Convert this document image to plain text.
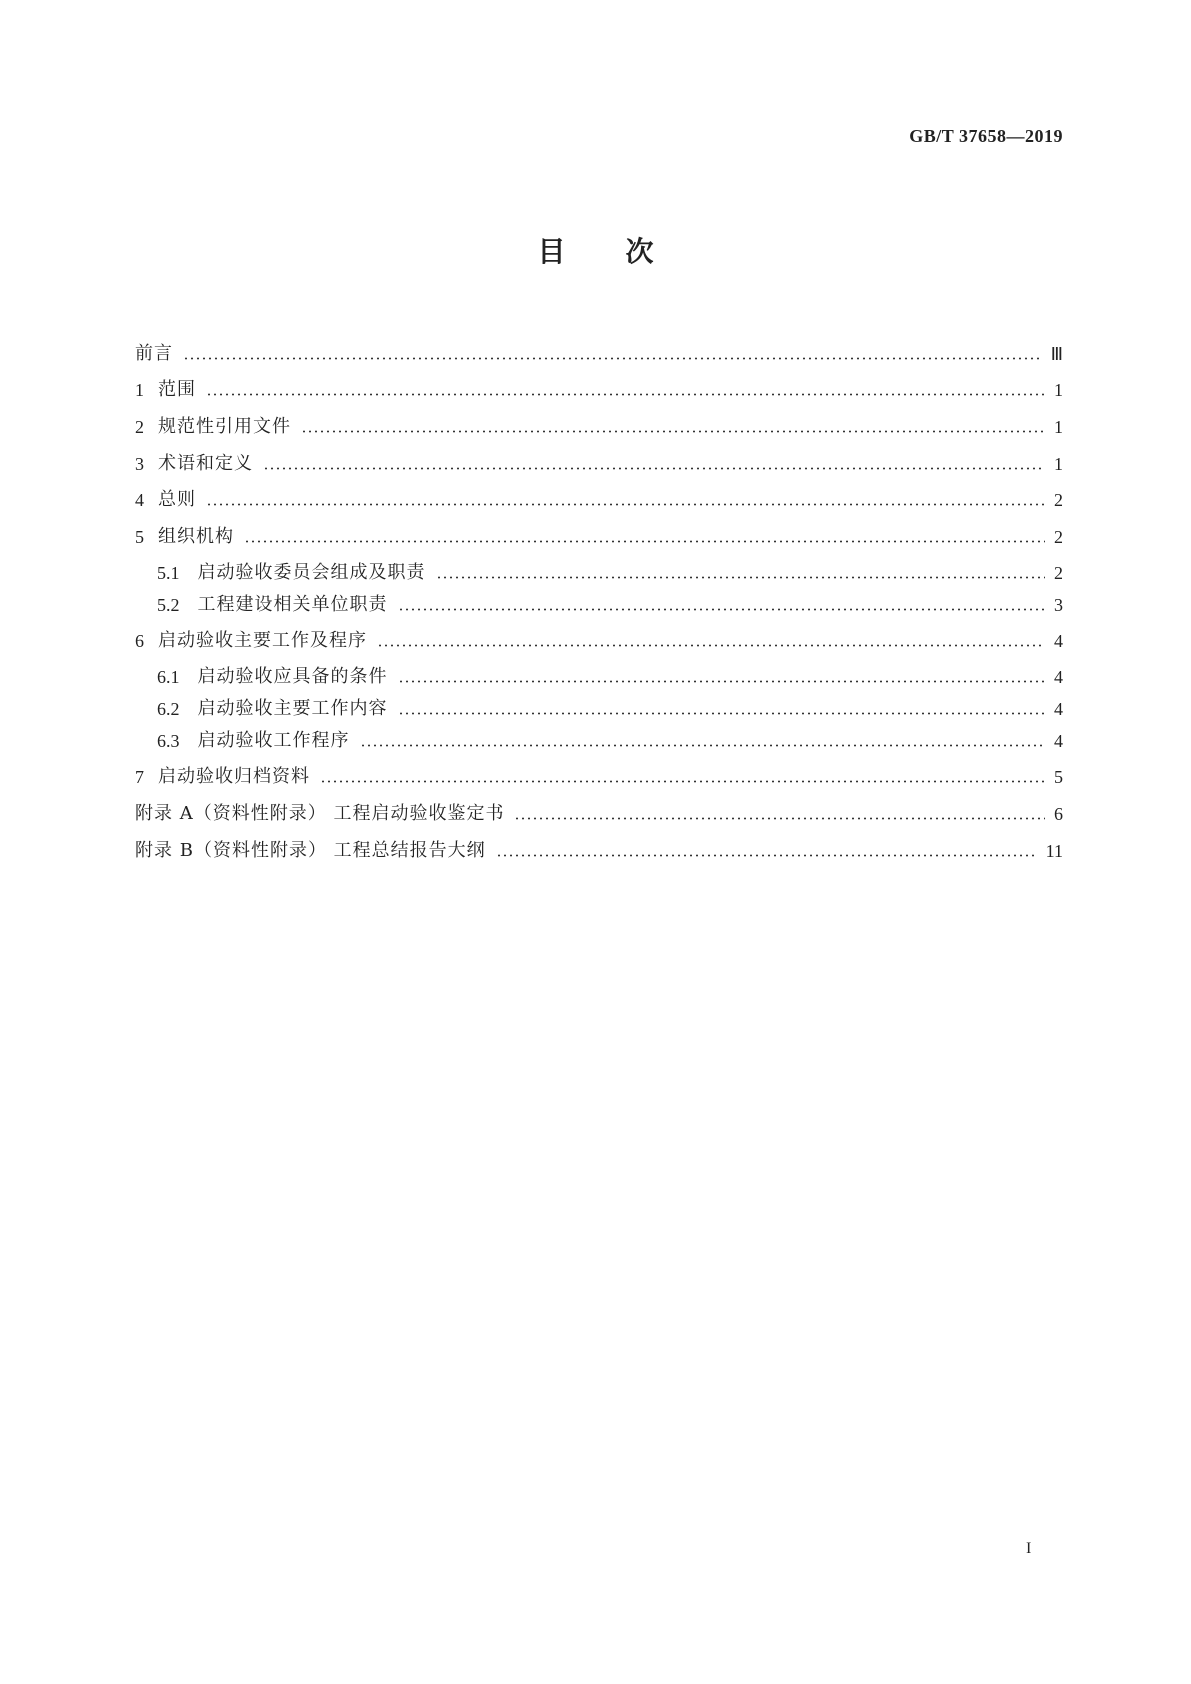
GB/T 37658—2019
目 次
前言	Ⅲ
1 范围	1
2 规范性引用文件	1
3 术语和定义	1
4 总则	2
5 组织机构	2
5.1 启动验收委员会组成及职责	2
5.2 工程建设相关单位职责	3
6 启动验收主要工作及程序	4
6.1 启动验收应具备的条件	4
6.2 启动验收主要工作内容	4
6.3 启动验收工作程序	4
7 启动验收归档资料	5
附录 A（资料性附录） 工程启动验收鉴定书	6
附录 B（资料性附录） 工程总结报告大纲	11
I
